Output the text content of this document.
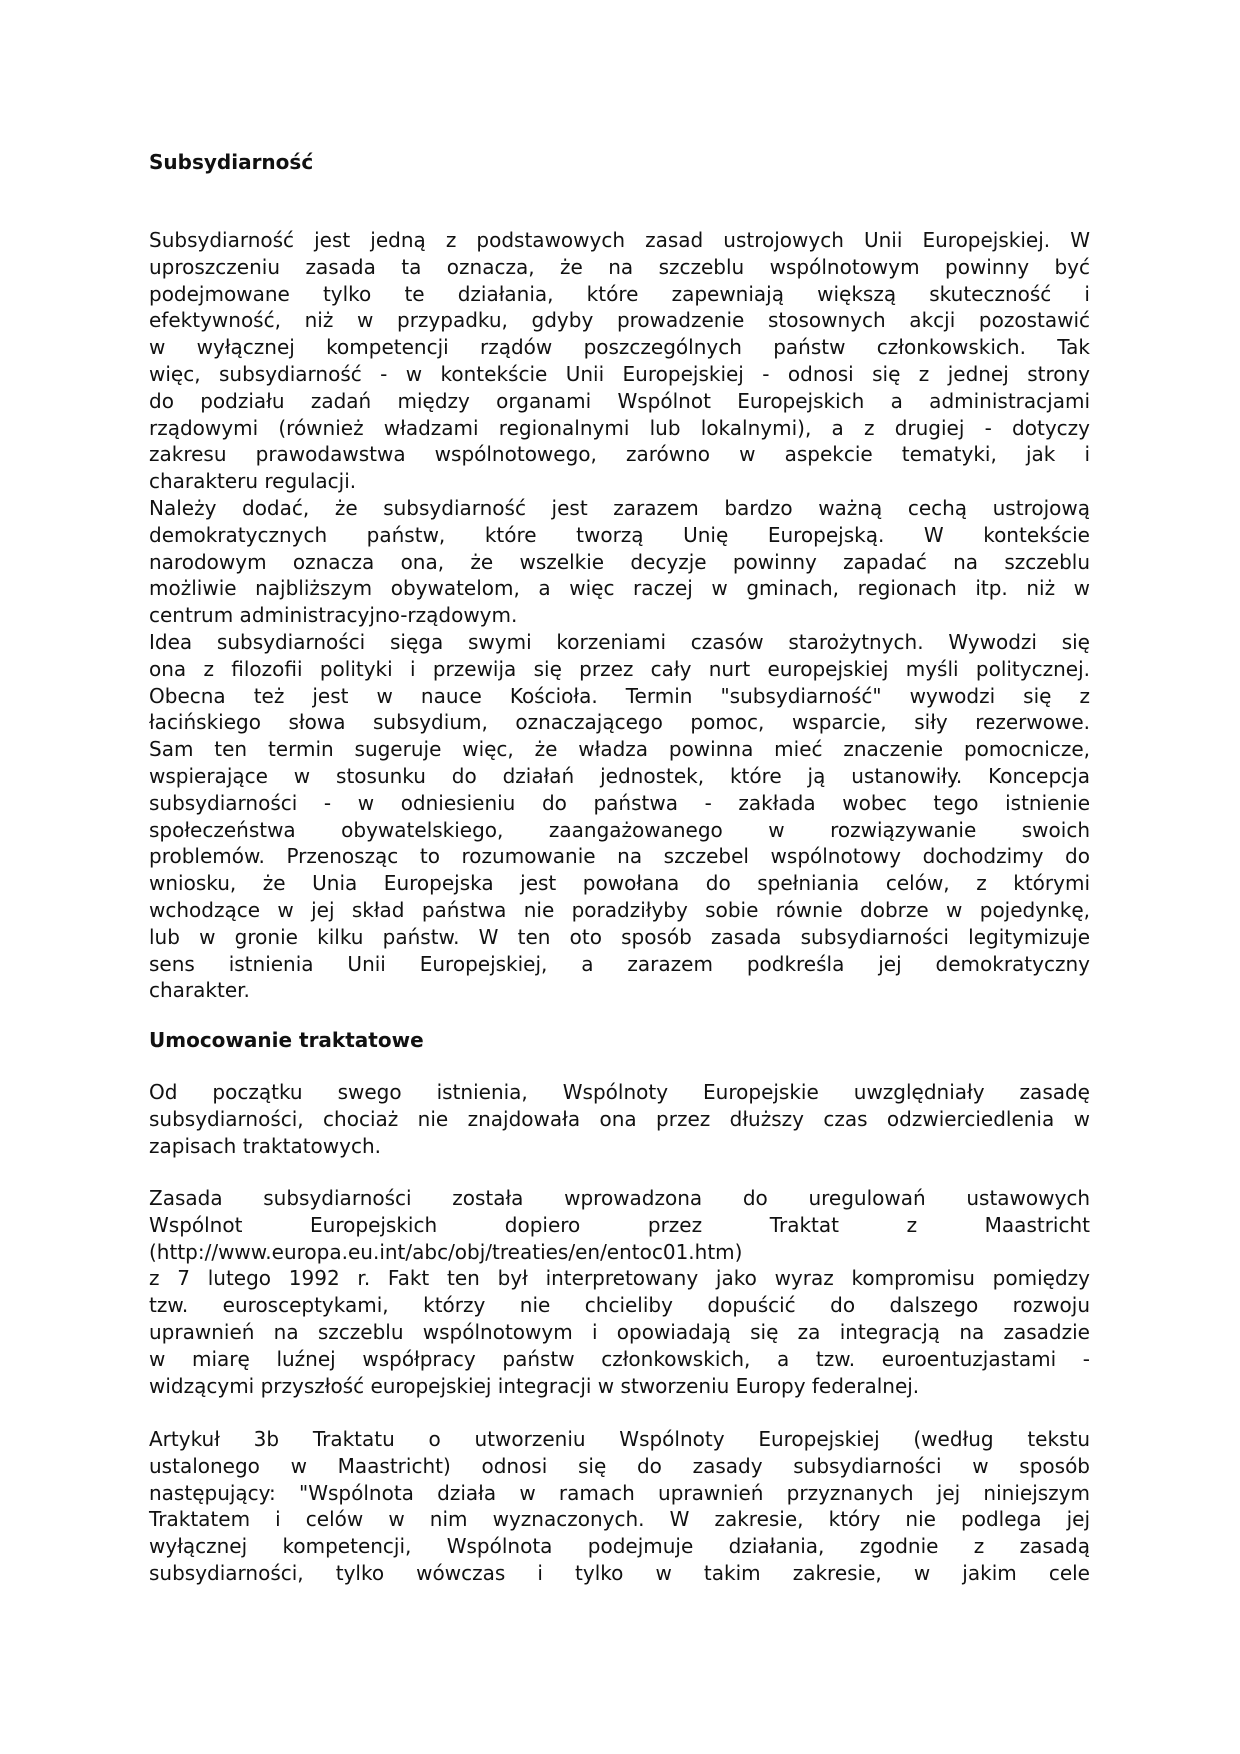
Subsydiarność
Subsydiarność jest jedną z podstawowych zasad ustrojowych Unii Europejskiej. W
uproszczeniu zasada ta oznacza, że na szczeblu wspólnotowym powinny być
podejmowane tylko te działania, które zapewniają większą skuteczność i
efektywność, niż w przypadku, gdyby prowadzenie stosownych akcji pozostawić
w wyłącznej kompetencji rządów poszczególnych państw członkowskich. Tak
więc, subsydiarność - w kontekście Unii Europejskiej - odnosi się z jednej strony
do podziału zadań między organami Wspólnot Europejskich a administracjami
rządowymi (również władzami regionalnymi lub lokalnymi), a z drugiej - dotyczy
zakresu prawodawstwa wspólnotowego, zarówno w aspekcie tematyki, jak i
charakteru regulacji.
Należy dodać, że subsydiarność jest zarazem bardzo ważną cechą ustrojową
demokratycznych państw, które tworzą Unię Europejską. W kontekście
narodowym oznacza ona, że wszelkie decyzje powinny zapadać na szczeblu
możliwie najbliższym obywatelom, a więc raczej w gminach, regionach itp. niż w
centrum administracyjno-rządowym.
Idea subsydiarności sięga swymi korzeniami czasów starożytnych. Wywodzi się
ona z filozofii polityki i przewija się przez cały nurt europejskiej myśli politycznej.
Obecna też jest w nauce Kościoła. Termin "subsydiarność" wywodzi się z
łacińskiego słowa subsydium, oznaczającego pomoc, wsparcie, siły rezerwowe.
Sam ten termin sugeruje więc, że władza powinna mieć znaczenie pomocnicze,
wspierające w stosunku do działań jednostek, które ją ustanowiły. Koncepcja
subsydiarności - w odniesieniu do państwa - zakłada wobec tego istnienie
społeczeństwa obywatelskiego, zaangażowanego w rozwiązywanie swoich
problemów. Przenosząc to rozumowanie na szczebel wspólnotowy dochodzimy do
wniosku, że Unia Europejska jest powołana do spełniania celów, z którymi
wchodzące w jej skład państwa nie poradziłyby sobie równie dobrze w pojedynkę,
lub w gronie kilku państw. W ten oto sposób zasada subsydiarności legitymizuje
sens istnienia Unii Europejskiej, a zarazem podkreśla jej demokratyczny
charakter.
Umocowanie traktatowe
Od początku swego istnienia, Wspólnoty Europejskie uwzględniały zasadę
subsydiarności, chociaż nie znajdowała ona przez dłuższy czas odzwierciedlenia w
zapisach traktatowych.
Zasada subsydiarności została wprowadzona do uregulowań ustawowych
Wspólnot Europejskich dopiero przez Traktat z Maastricht
(http://www.europa.eu.int/abc/obj/treaties/en/entoc01.htm)
z 7 lutego 1992 r. Fakt ten był interpretowany jako wyraz kompromisu pomiędzy
tzw. eurosceptykami, którzy nie chcieliby dopuścić do dalszego rozwoju
uprawnień na szczeblu wspólnotowym i opowiadają się za integracją na zasadzie
w miarę luźnej współpracy państw członkowskich, a tzw. euroentuzjastami -
widzącymi przyszłość europejskiej integracji w stworzeniu Europy federalnej.
Artykuł 3b Traktatu o utworzeniu Wspólnoty Europejskiej (według tekstu
ustalonego w Maastricht) odnosi się do zasady subsydiarności w sposób
następujący: "Wspólnota działa w ramach uprawnień przyznanych jej niniejszym
Traktatem i celów w nim wyznaczonych. W zakresie, który nie podlega jej
wyłącznej kompetencji, Wspólnota podejmuje działania, zgodnie z zasadą
subsydiarności, tylko wówczas i tylko w takim zakresie, w jakim cele
